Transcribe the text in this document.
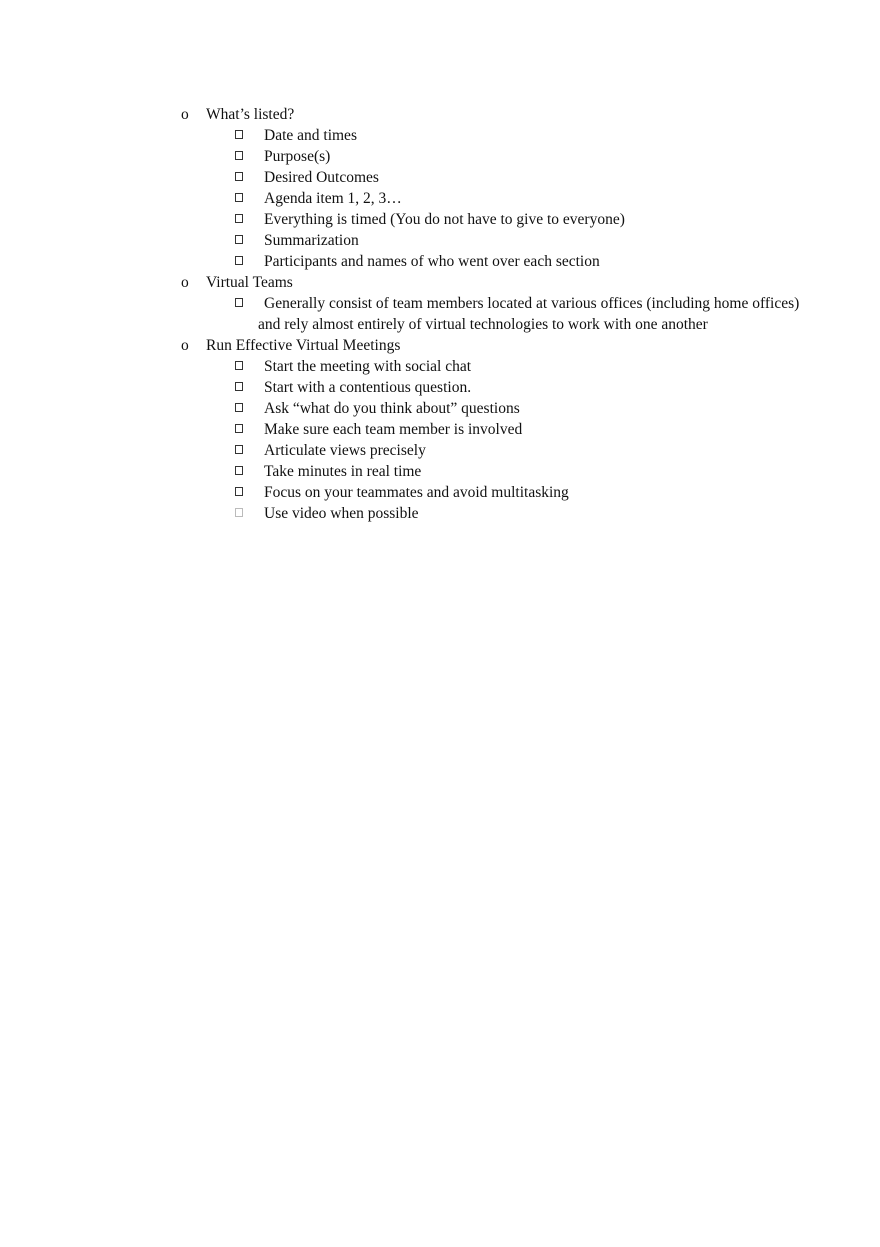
o	What’s listed?
Date and times
Purpose(s)
Desired Outcomes
Agenda item 1, 2, 3…
Everything is timed (You do not have to give to everyone)
Summarization
Participants and names of who went over each section
o	Virtual Teams
Generally consist of team members located at various offices (including home offices) and rely almost entirely of virtual technologies to work with one another
o	Run Effective Virtual Meetings
Start the meeting with social chat
Start with a contentious question.
Ask “what do you think about” questions
Make sure each team member is involved
Articulate views precisely
Take minutes in real time
Focus on your teammates and avoid multitasking
Use video when possible
